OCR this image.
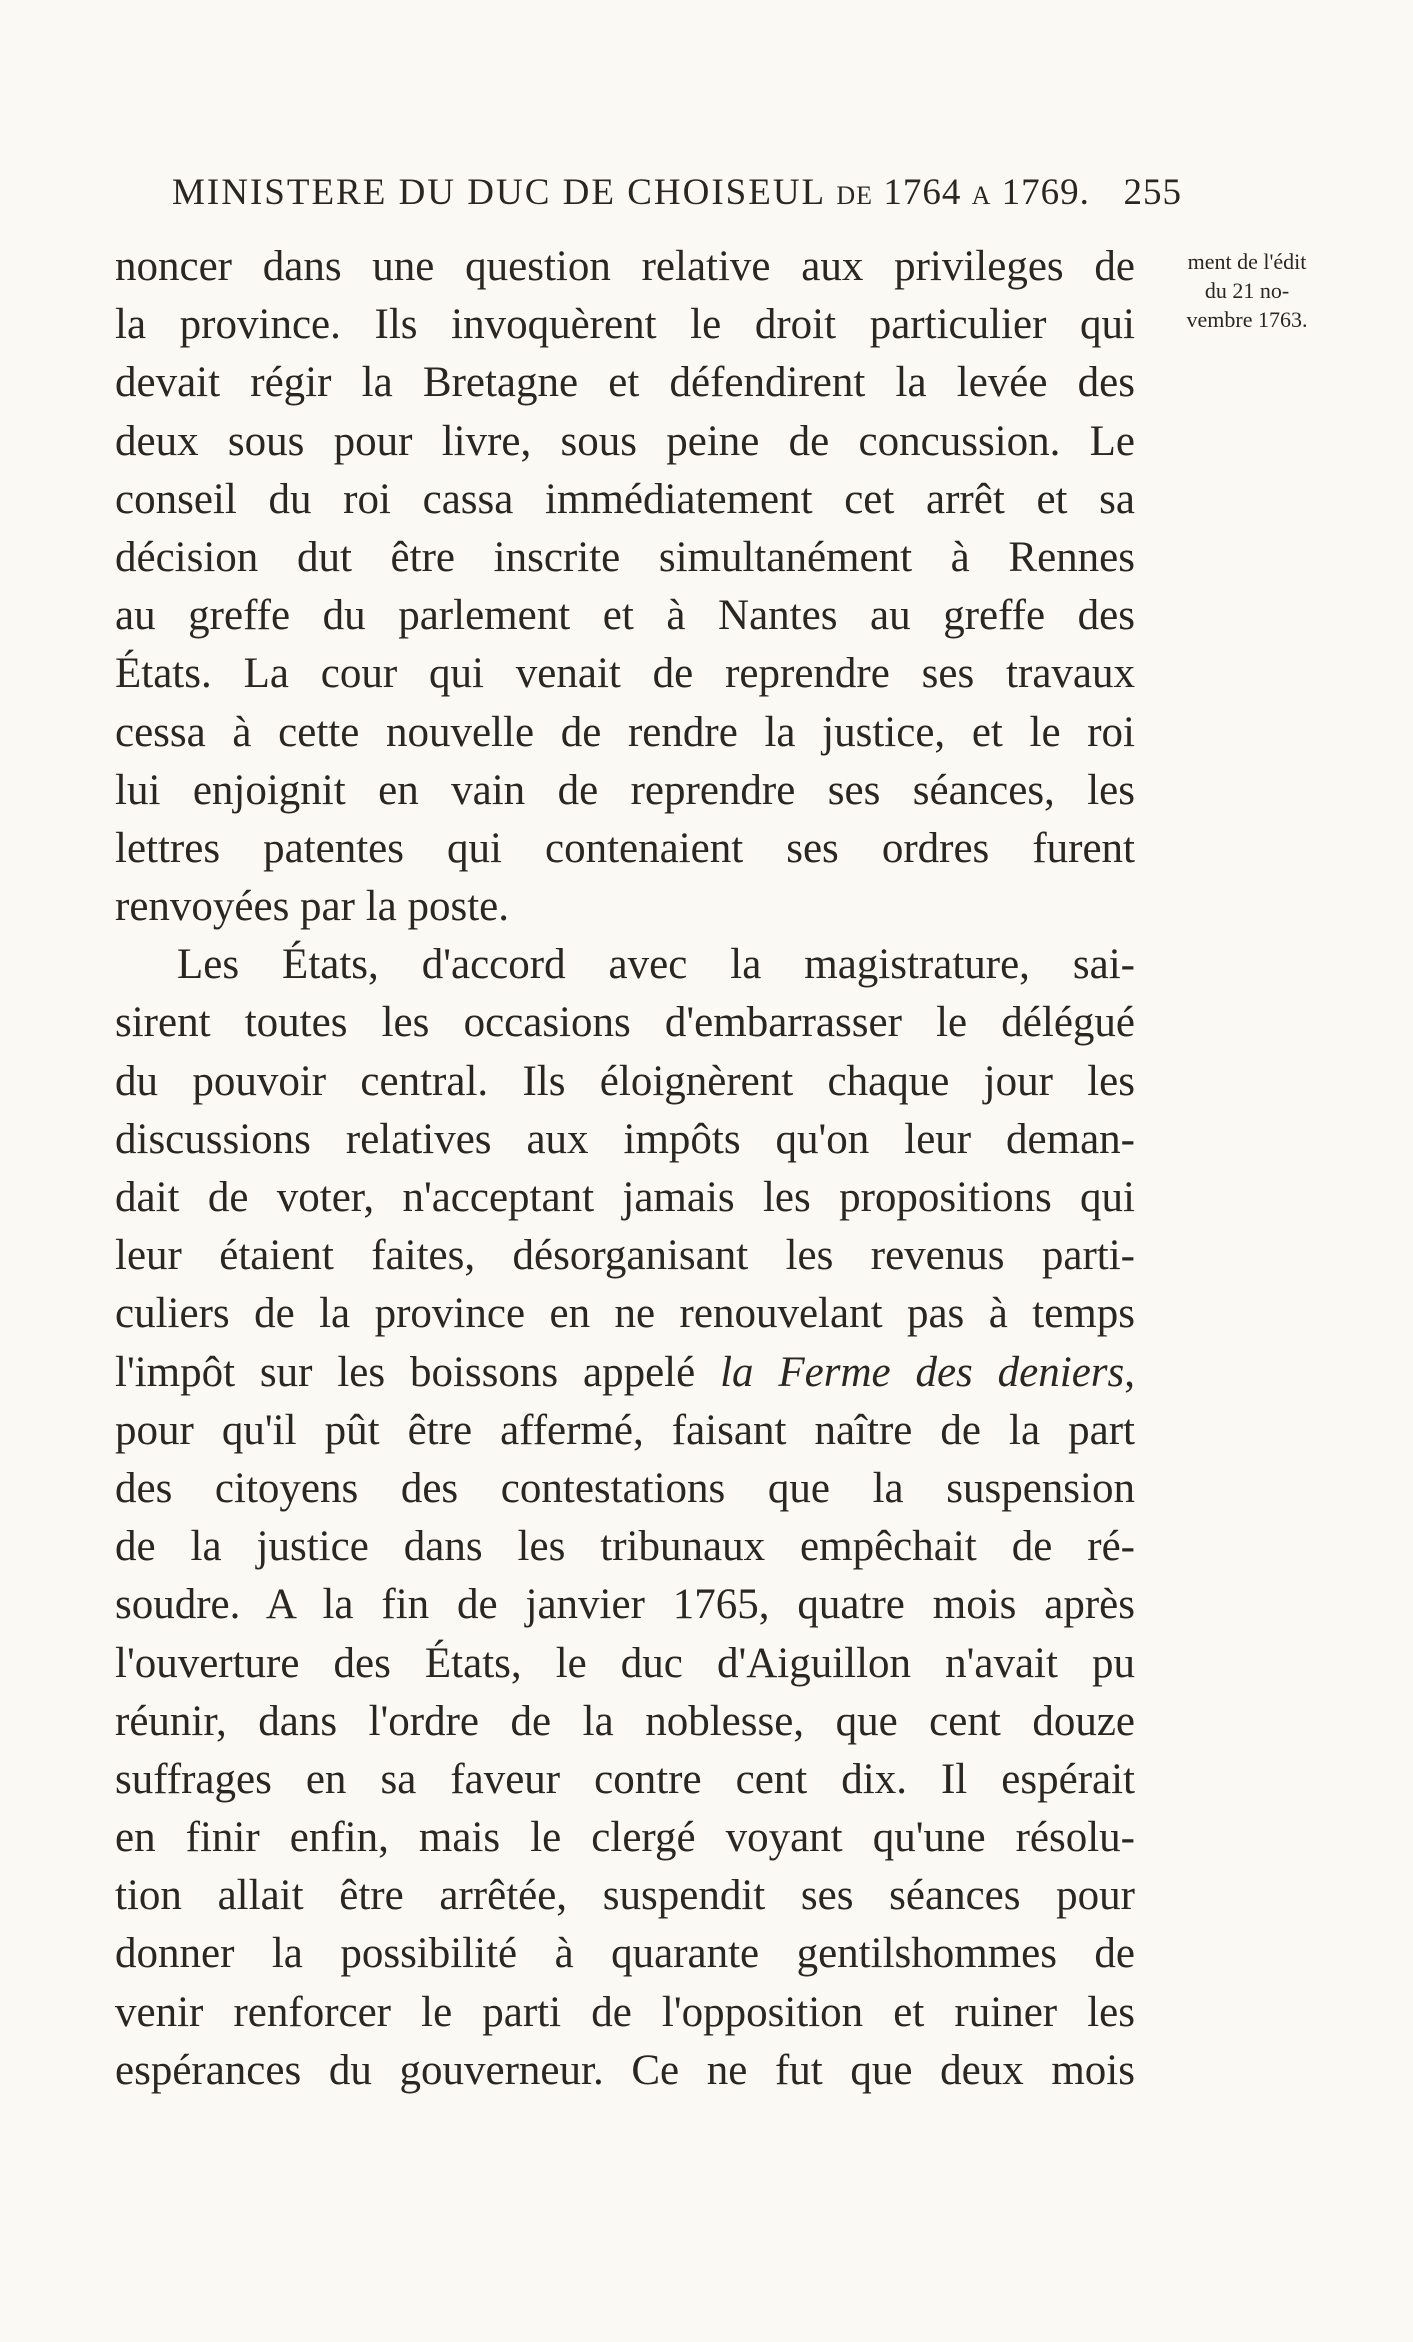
MINISTERE DU DUC DE CHOISEUL DE 1764 A 1769. 255
ment de l'édit
du 21 no-
vembre 1763.
noncer dans une question relative aux privileges de
la province. Ils invoquèrent le droit particulier qui
devait régir la Bretagne et défendirent la levée des
deux sous pour livre, sous peine de concussion. Le
conseil du roi cassa immédiatement cet arrêt et sa
décision dut être inscrite simultanément à Rennes
au greffe du parlement et à Nantes au greffe des
États. La cour qui venait de reprendre ses travaux
cessa à cette nouvelle de rendre la justice, et le roi
lui enjoignit en vain de reprendre ses séances, les
lettres patentes qui contenaient ses ordres furent
renvoyées par la poste.
Les États, d'accord avec la magistrature, sai-
sirent toutes les occasions d'embarrasser le délégué
du pouvoir central. Ils éloignèrent chaque jour les
discussions relatives aux impôts qu'on leur deman-
dait de voter, n'acceptant jamais les propositions qui
leur étaient faites, désorganisant les revenus parti-
culiers de la province en ne renouvelant pas à temps
l'impôt sur les boissons appelé la Ferme des deniers,
pour qu'il pût être affermé, faisant naître de la part
des citoyens des contestations que la suspension
de la justice dans les tribunaux empêchait de ré-
soudre. A la fin de janvier 1765, quatre mois après
l'ouverture des États, le duc d'Aiguillon n'avait pu
réunir, dans l'ordre de la noblesse, que cent douze
suffrages en sa faveur contre cent dix. Il espérait
en finir enfin, mais le clergé voyant qu'une résolu-
tion allait être arrêtée, suspendit ses séances pour
donner la possibilité à quarante gentilshommes de
venir renforcer le parti de l'opposition et ruiner les
espérances du gouverneur. Ce ne fut que deux mois
